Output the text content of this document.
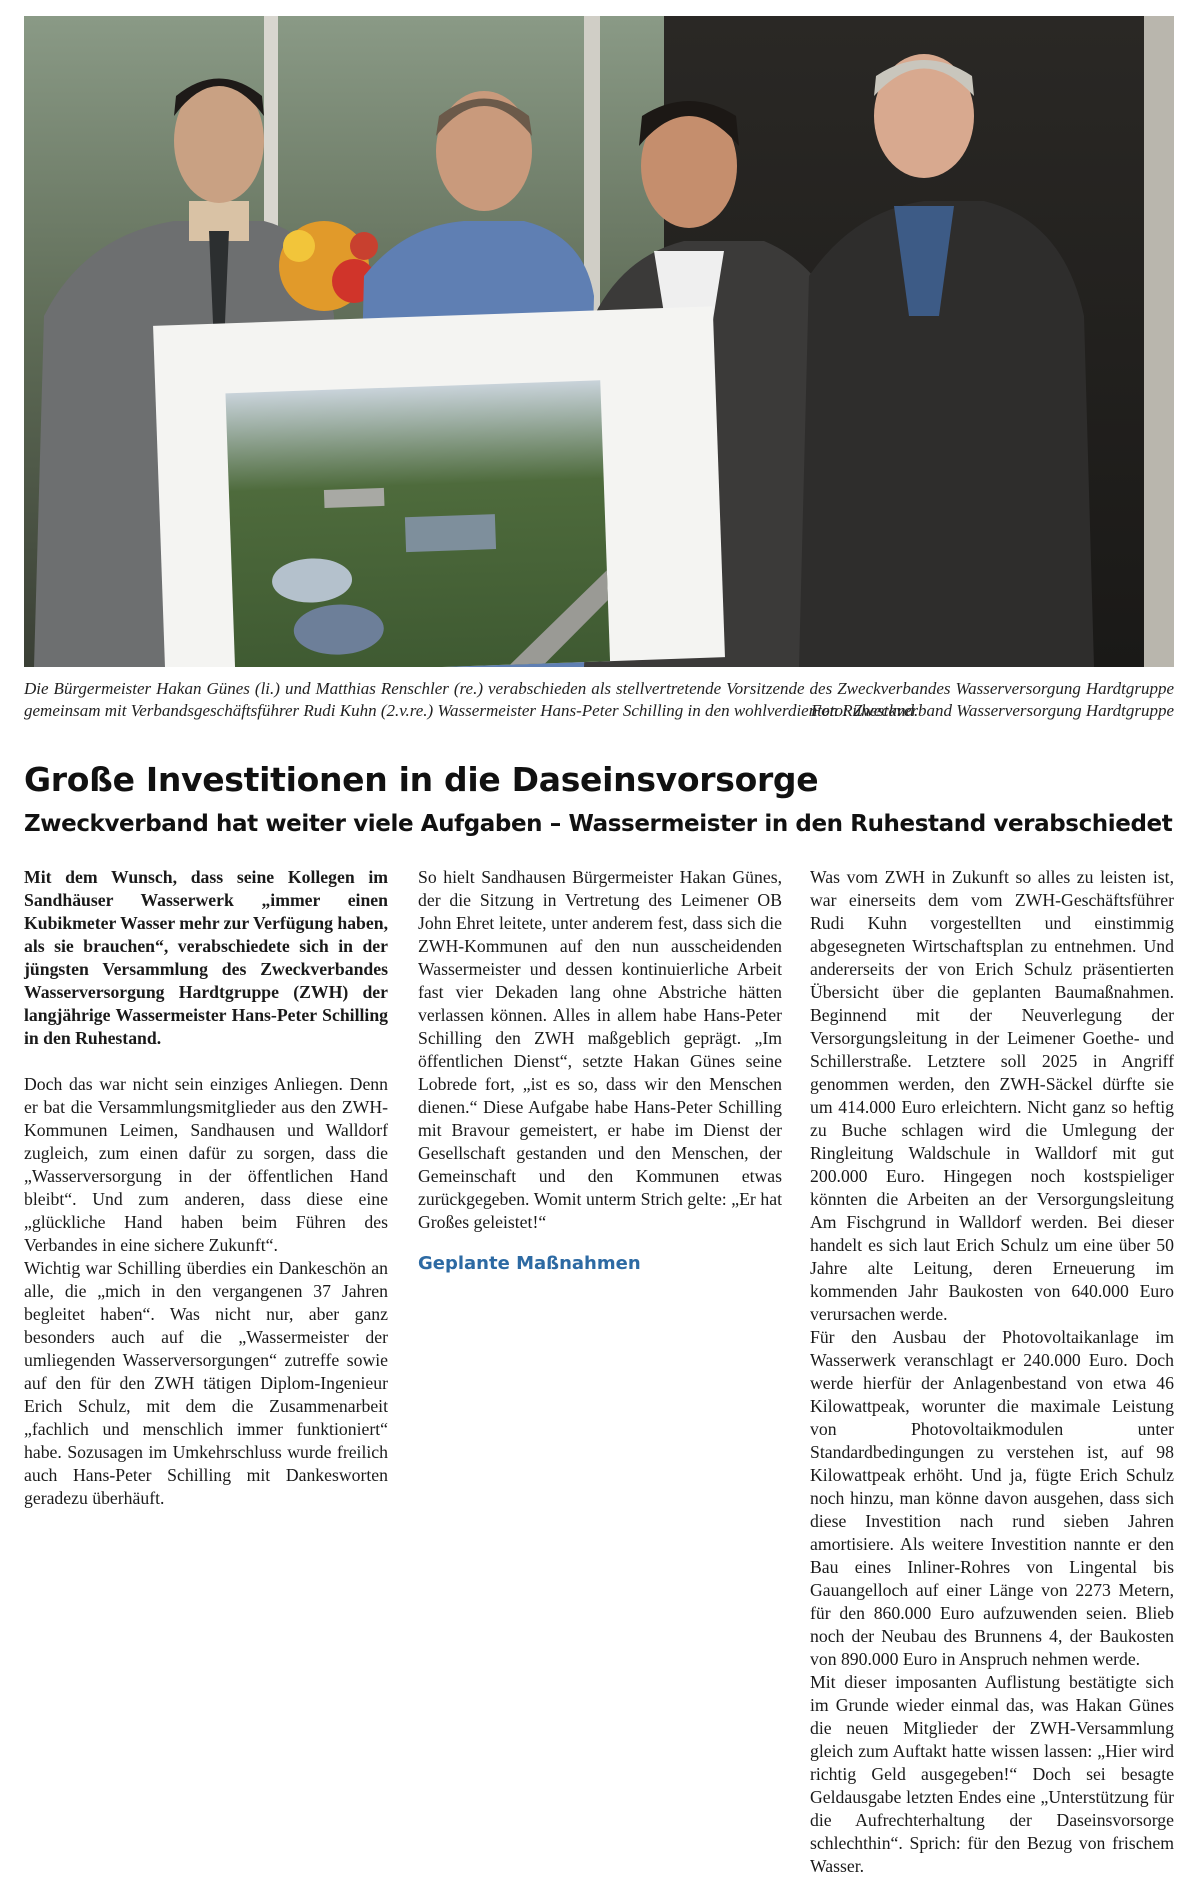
Die Bürgermeister Hakan Günes (li.) und Matthias Renschler (re.) verabschieden als stellvertretende Vorsitzende des Zweckverbandes Wasserversorgung Hardtgruppe gemeinsam mit Verbandsgeschäftsführer Rudi Kuhn (2.v.re.) Wassermeister Hans-Peter Schilling in den wohlverdienten Ruhestand.
Foto: Zweckverband Wasserversorgung Hardtgruppe
Große Investitionen in die Daseinsvorsorge
Zweckverband hat weiter viele Aufgaben – Wassermeister in den Ruhestand verabschiedet

Mit dem Wunsch, dass seine Kollegen im Sandhäuser Wasserwerk „immer einen Kubikmeter Wasser mehr zur Verfügung haben, als sie brauchen“, verabschiedete sich in der jüngsten Versammlung des Zweckverbandes Wasserversorgung Hardtgruppe (ZWH) der langjährige Wassermeister Hans-Peter Schilling in den Ruhestand.

Doch das war nicht sein einziges Anliegen. Denn er bat die Versammlungsmitglieder aus den ZWH-Kommunen Leimen, Sandhausen und Walldorf zugleich, zum einen dafür zu sorgen, dass die „Wasserversorgung in der öffentlichen Hand bleibt“. Und zum anderen, dass diese eine „glückliche Hand haben beim Führen des Verbandes in eine sichere Zukunft“.

Wichtig war Schilling überdies ein Dankeschön an alle, die „mich in den vergangenen 37 Jahren begleitet haben“. Was nicht nur, aber ganz besonders auch auf die „Wassermeister der umliegenden Wasserversorgungen“ zutreffe sowie auf den für den ZWH tätigen Diplom-Ingenieur Erich Schulz, mit dem die Zusammenarbeit „fachlich und menschlich immer funktioniert“ habe. Sozusagen im Umkehrschluss wurde freilich auch Hans-Peter Schilling mit Dankesworten geradezu überhäuft.

So hielt Sandhausen Bürgermeister Hakan Günes, der die Sitzung in Vertretung des Leimener OB John Ehret leitete, unter anderem fest, dass sich die ZWH-Kommunen auf den nun ausscheidenden Wassermeister und dessen kontinuierliche Arbeit fast vier Dekaden lang ohne Abstriche hätten verlassen können. Alles in allem habe Hans-Peter Schilling den ZWH maßgeblich geprägt. „Im öffentlichen Dienst“, setzte Hakan Günes seine Lobrede fort, „ist es so, dass wir den Menschen dienen.“ Diese Aufgabe habe Hans-Peter Schilling mit Bravour gemeistert, er habe im Dienst der Gesellschaft gestanden und den Menschen, der Gemeinschaft und den Kommunen etwas zurückgegeben. Womit unterm Strich gelte: „Er hat Großes geleistet!“

Geplante Maßnahmen

Was vom ZWH in Zukunft so alles zu leisten ist, war einerseits dem vom ZWH-Geschäftsführer Rudi Kuhn vorgestellten und einstimmig abgesegneten Wirtschaftsplan zu entnehmen. Und andererseits der von Erich Schulz präsentierten Übersicht über die geplanten Baumaßnahmen. Beginnend mit der Neuverlegung der Versorgungsleitung in der Leimener Goethe- und Schillerstraße. Letztere soll 2025 in Angriff genommen werden, den ZWH-Säckel dürfte sie um 414.000 Euro erleichtern. Nicht ganz so heftig zu Buche schlagen wird die Umlegung der Ringleitung Waldschule in Walldorf mit gut 200.000 Euro. Hingegen noch kostspieliger könnten die Arbeiten an der Versorgungsleitung Am Fischgrund in Walldorf werden. Bei dieser handelt es sich laut Erich Schulz um eine über 50 Jahre alte Leitung, deren Erneuerung im kommenden Jahr Baukosten von 640.000 Euro verursachen werde.

Für den Ausbau der Photovoltaikanlage im Wasserwerk veranschlagt er 240.000 Euro. Doch werde hierfür der Anlagenbestand von etwa 46 Kilowattpeak, worunter die maximale Leistung von Photovoltaikmodulen unter Standardbedingungen zu verstehen ist, auf 98 Kilowattpeak erhöht. Und ja, fügte Erich Schulz noch hinzu, man könne davon ausgehen, dass sich diese Investition nach rund sieben Jahren amortisiere. Als weitere Investition nannte er den Bau eines Inliner-Rohres von Lingental bis Gauangelloch auf einer Länge von 2273 Metern, für den 860.000 Euro aufzuwenden seien. Blieb noch der Neubau des Brunnens 4, der Baukosten von 890.000 Euro in Anspruch nehmen werde.

Mit dieser imposanten Auflistung bestätigte sich im Grunde wieder einmal das, was Hakan Günes die neuen Mitglieder der ZWH-Versammlung gleich zum Auftakt hatte wissen lassen: „Hier wird richtig Geld ausgegeben!“ Doch sei besagte Geldausgabe letzten Endes eine „Unterstützung für die Aufrechterhaltung der Daseinsvorsorge schlechthin“. Sprich: für den Bezug von frischem Wasser.
